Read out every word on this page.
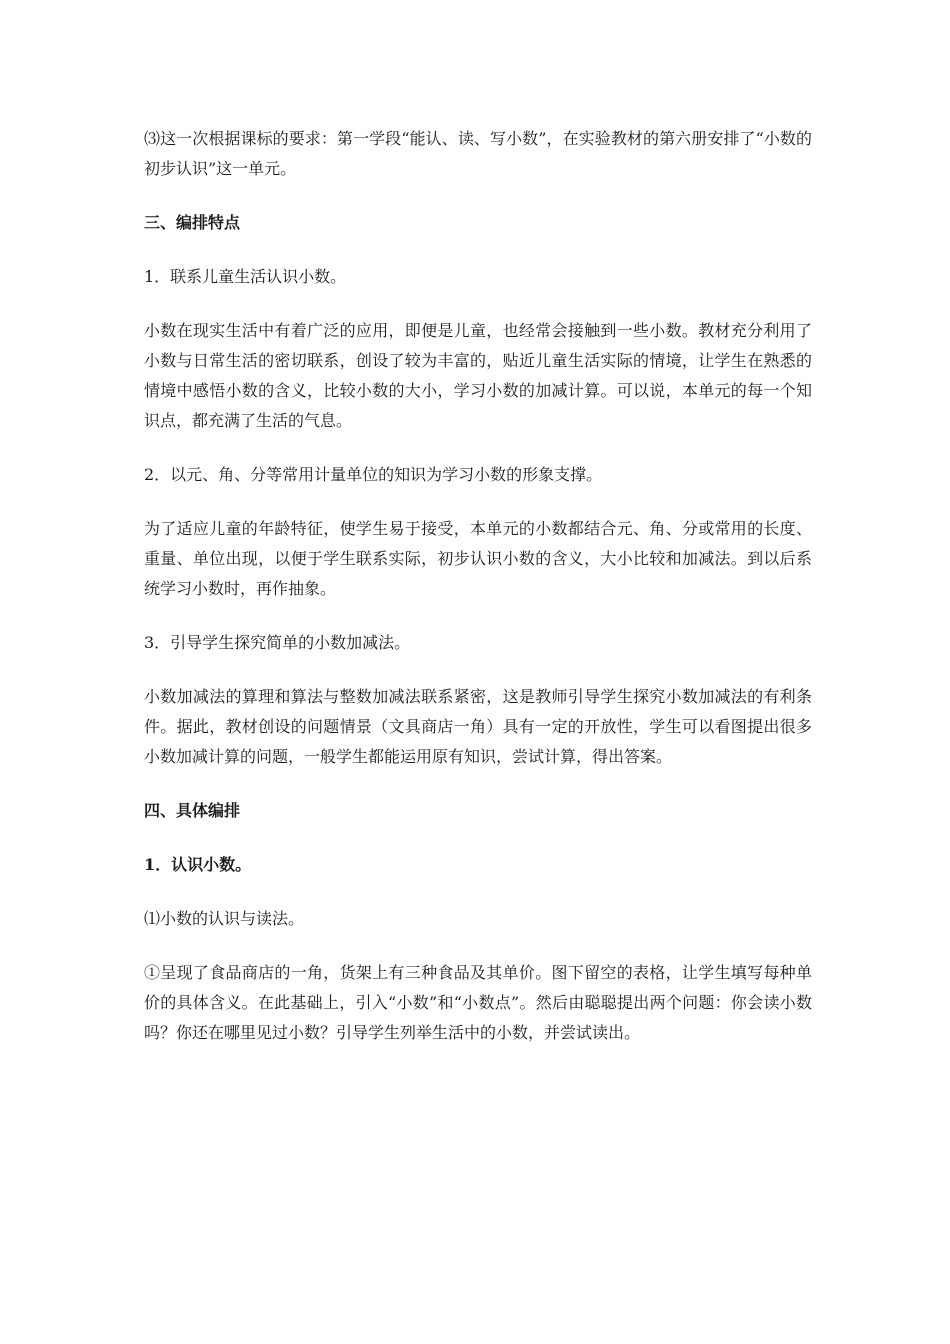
⑶这一次根据课标的要求：第一学段“能认、读、写小数”，在实验教材的第六册安排了“小数的初步认识”这一单元。

三、编排特点

1．联系儿童生活认识小数。

小数在现实生活中有着广泛的应用，即便是儿童，也经常会接触到一些小数。教材充分利用了小数与日常生活的密切联系，创设了较为丰富的，贴近儿童生活实际的情境，让学生在熟悉的情境中感悟小数的含义，比较小数的大小，学习小数的加减计算。可以说，本单元的每一个知识点，都充满了生活的气息。

2．以元、角、分等常用计量单位的知识为学习小数的形象支撑。

为了适应儿童的年龄特征，使学生易于接受，本单元的小数都结合元、角、分或常用的长度、重量、单位出现，以便于学生联系实际，初步认识小数的含义，大小比较和加减法。到以后系统学习小数时，再作抽象。

3．引导学生探究简单的小数加减法。

小数加减法的算理和算法与整数加减法联系紧密，这是教师引导学生探究小数加减法的有利条件。据此，教材创设的问题情景（文具商店一角）具有一定的开放性，学生可以看图提出很多小数加减计算的问题，一般学生都能运用原有知识，尝试计算，得出答案。

四、具体编排

1．认识小数。

⑴小数的认识与读法。

①呈现了食品商店的一角，货架上有三种食品及其单价。图下留空的表格，让学生填写每种单价的具体含义。在此基础上，引入“小数”和“小数点”。然后由聪聪提出两个问题：你会读小数吗？你还在哪里见过小数？引导学生列举生活中的小数，并尝试读出。
